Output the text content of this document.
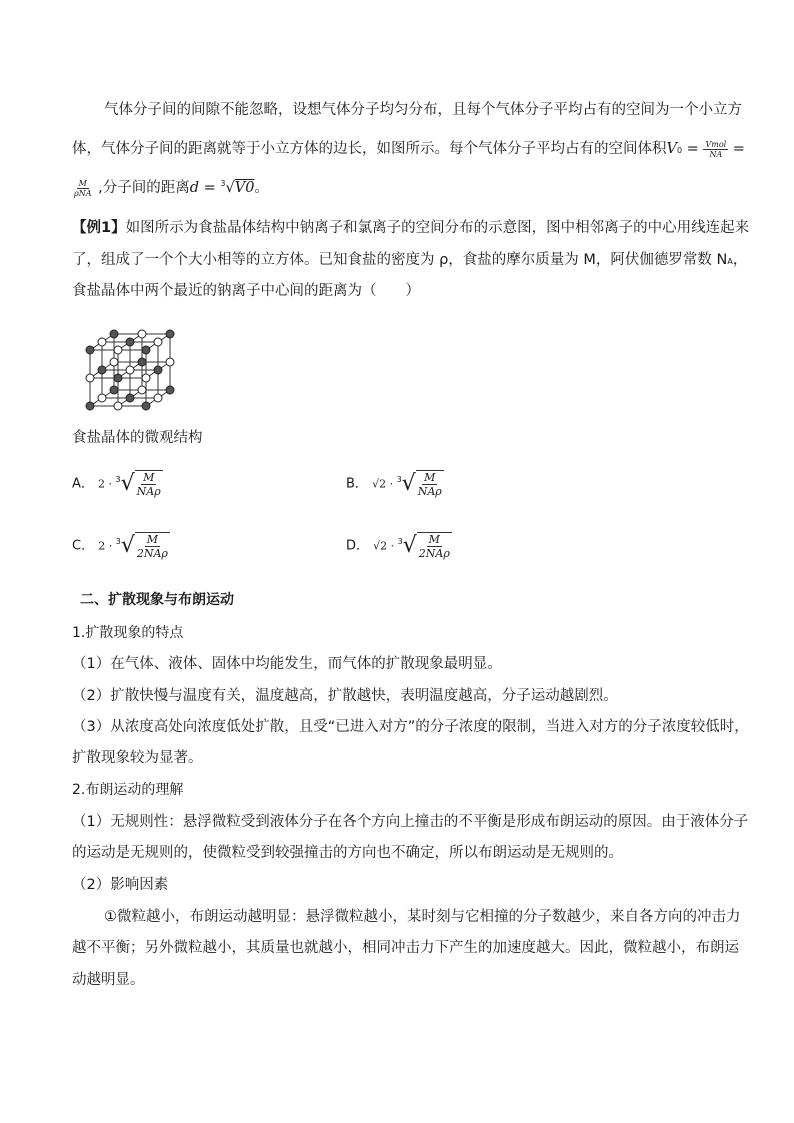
气体分子间的间隙不能忽略，设想气体分子均匀分布，且每个气体分子平均占有的空间为一个小立方
体，气体分子间的距离就等于小立方体的边长，如图所示。每个气体分子平均占有的空间体积$V0 = \frac{\text{Vmol}}{NA}$ =
$\frac{M}{\text{ρNA}}$ ,分子间的距离d = $^3$√V0。
【例1】如图所示为食盐晶体结构中钠离子和氯离子的空间分布的示意图，图中相邻离子的中心用线连起来
了，组成了一个个大小相等的立方体。已知食盐的密度为 ρ，食盐的摩尔质量为 M，阿伏伽德罗常数 NA，
食盐晶体中两个最近的钠离子中心间的距离为（　　）
食盐晶体的微观结构
A． $2 \cdot ^3√ \frac{M}{\text{NAρ}}$	B． $√2 \cdot ^3√ \frac{M}{\text{NAρ}}$
C． $2 \cdot ^3√ \frac{M}{\text{2NAρ}}$	D． $√2 \cdot ^3√ \frac{M}{\text{2NAρ}}$
二、扩散现象与布朗运动
1.扩散现象的特点
（1）在气体、液体、固体中均能发生，而气体的扩散现象最明显。
（2）扩散快慢与温度有关，温度越高，扩散越快，表明温度越高，分子运动越剧烈。
（3）从浓度高处向浓度低处扩散，且受“已进入对方”的分子浓度的限制，当进入对方的分子浓度较低时，
扩散现象较为显著。
2.布朗运动的理解
（1）无规则性：悬浮微粒受到液体分子在各个方向上撞击的不平衡是形成布朗运动的原因。由于液体分子
的运动是无规则的，使微粒受到较强撞击的方向也不确定，所以布朗运动是无规则的。
（2）影响因素
①微粒越小，布朗运动越明显：悬浮微粒越小，某时刻与它相撞的分子数越少，来自各方向的冲击力
越不平衡；另外微粒越小，其质量也就越小，相同冲击力下产生的加速度越大。因此，微粒越小，布朗运
动越明显。
